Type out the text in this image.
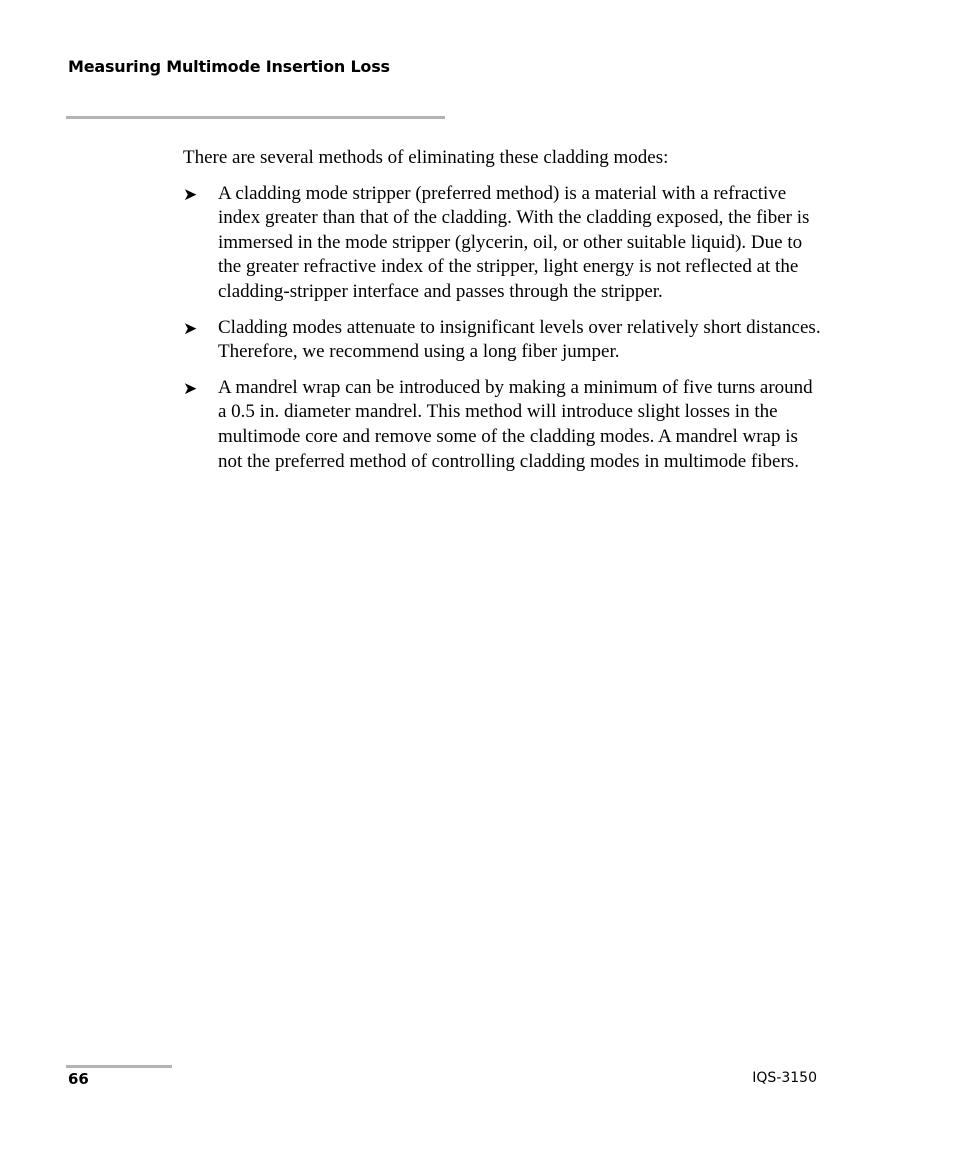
Measuring Multimode Insertion Loss

There are several methods of eliminating these cladding modes:

➤ A cladding mode stripper (preferred method) is a material with a refractive index greater than that of the cladding. With the cladding exposed, the fiber is immersed in the mode stripper (glycerin, oil, or other suitable liquid). Due to the greater refractive index of the stripper, light energy is not reflected at the cladding-stripper interface and passes through the stripper.
➤ Cladding modes attenuate to insignificant levels over relatively short distances. Therefore, we recommend using a long fiber jumper.
➤ A mandrel wrap can be introduced by making a minimum of five turns around a 0.5 in. diameter mandrel. This method will introduce slight losses in the multimode core and remove some of the cladding modes. A mandrel wrap is not the preferred method of controlling cladding modes in multimode fibers.
66	IQS-3150
